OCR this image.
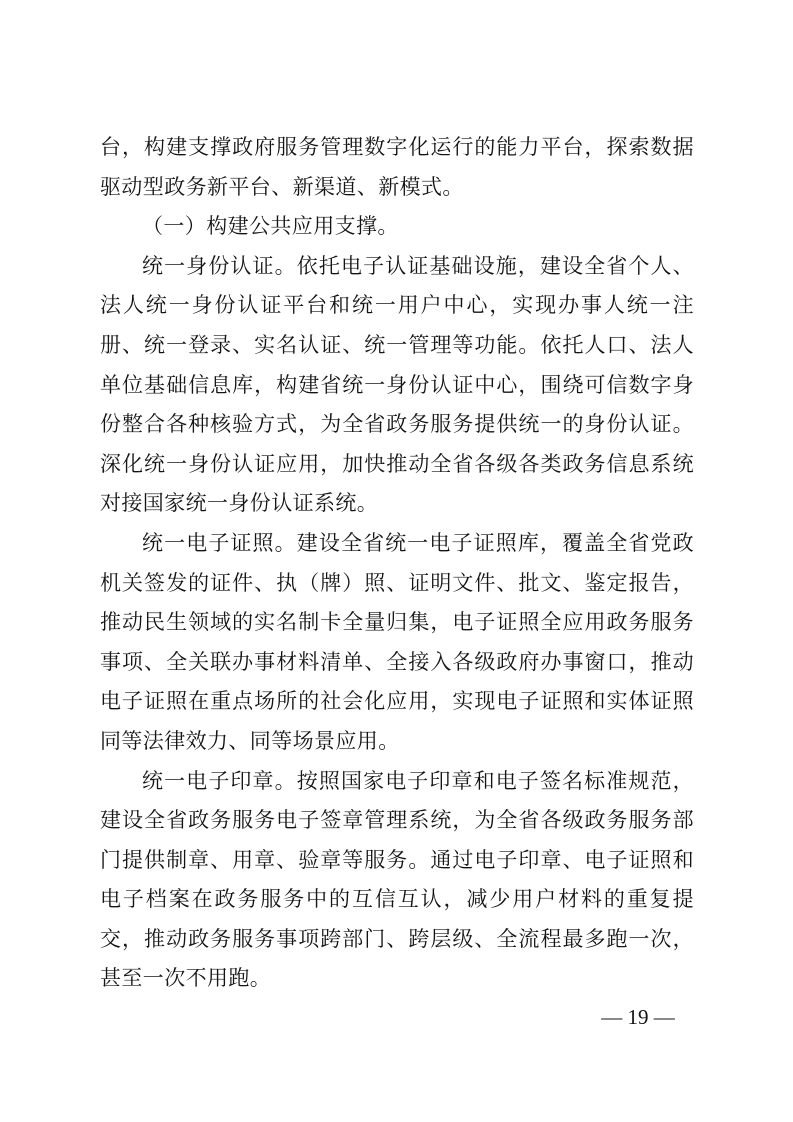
台，构建支撑政府服务管理数字化运行的能力平台，探索数据驱动型政务新平台、新渠道、新模式。

（一）构建公共应用支撑。

统一身份认证。依托电子认证基础设施，建设全省个人、法人统一身份认证平台和统一用户中心，实现办事人统一注册、统一登录、实名认证、统一管理等功能。依托人口、法人单位基础信息库，构建省统一身份认证中心，围绕可信数字身份整合各种核验方式，为全省政务服务提供统一的身份认证。深化统一身份认证应用，加快推动全省各级各类政务信息系统对接国家统一身份认证系统。

统一电子证照。建设全省统一电子证照库，覆盖全省党政机关签发的证件、执（牌）照、证明文件、批文、鉴定报告，推动民生领域的实名制卡全量归集，电子证照全应用政务服务事项、全关联办事材料清单、全接入各级政府办事窗口，推动电子证照在重点场所的社会化应用，实现电子证照和实体证照同等法律效力、同等场景应用。

统一电子印章。按照国家电子印章和电子签名标准规范，建设全省政务服务电子签章管理系统，为全省各级政务服务部门提供制章、用章、验章等服务。通过电子印章、电子证照和电子档案在政务服务中的互信互认，减少用户材料的重复提交，推动政务服务事项跨部门、跨层级、全流程最多跑一次，甚至一次不用跑。

— 19 —
